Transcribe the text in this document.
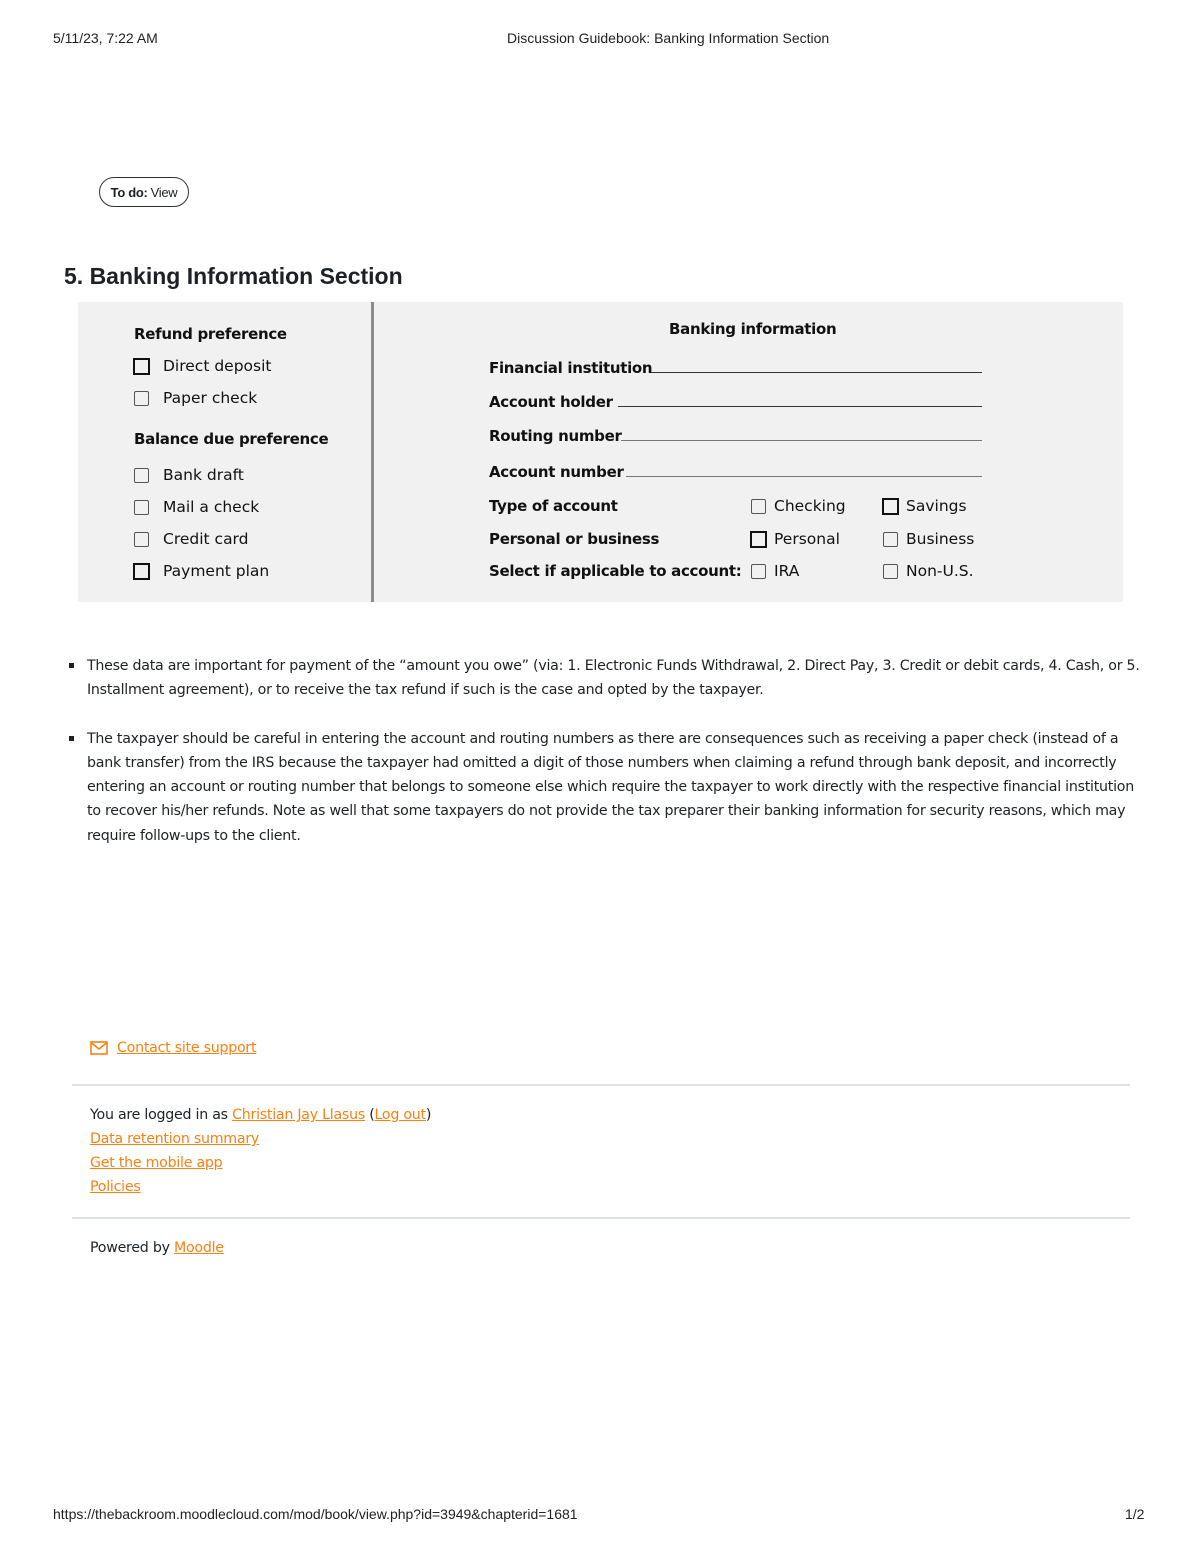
5/11/23, 7:22 AM	Discussion Guidebook: Banking Information Section
To do: View
5. Banking Information Section
Refund preference
Direct deposit
Paper check
Balance due preference
Bank draft
Mail a check
Credit card
Payment plan
Banking information
Financial institution
Account holder
Routing number
Account number
Type of account	Checking	Savings
Personal or business	Personal	Business
Select if applicable to account: IRA	Non-U.S.
These data are important for payment of the “amount you owe” (via: 1. Electronic Funds Withdrawal, 2. Direct Pay, 3. Credit or debit cards, 4. Cash, or 5. Installment agreement), or to receive the tax refund if such is the case and opted by the taxpayer.
The taxpayer should be careful in entering the account and routing numbers as there are consequences such as receiving a paper check (instead of a bank transfer) from the IRS because the taxpayer had omitted a digit of those numbers when claiming a refund through bank deposit, and incorrectly entering an account or routing number that belongs to someone else which require the taxpayer to work directly with the respective financial institution to recover his/her refunds. Note as well that some taxpayers do not provide the tax preparer their banking information for security reasons, which may require follow-ups to the client.
Contact site support
You are logged in as Christian Jay Llasus (Log out)
Data retention summary
Get the mobile app
Policies
Powered by Moodle
https://thebackroom.moodlecloud.com/mod/book/view.php?id=3949&chapterid=1681	1/2
